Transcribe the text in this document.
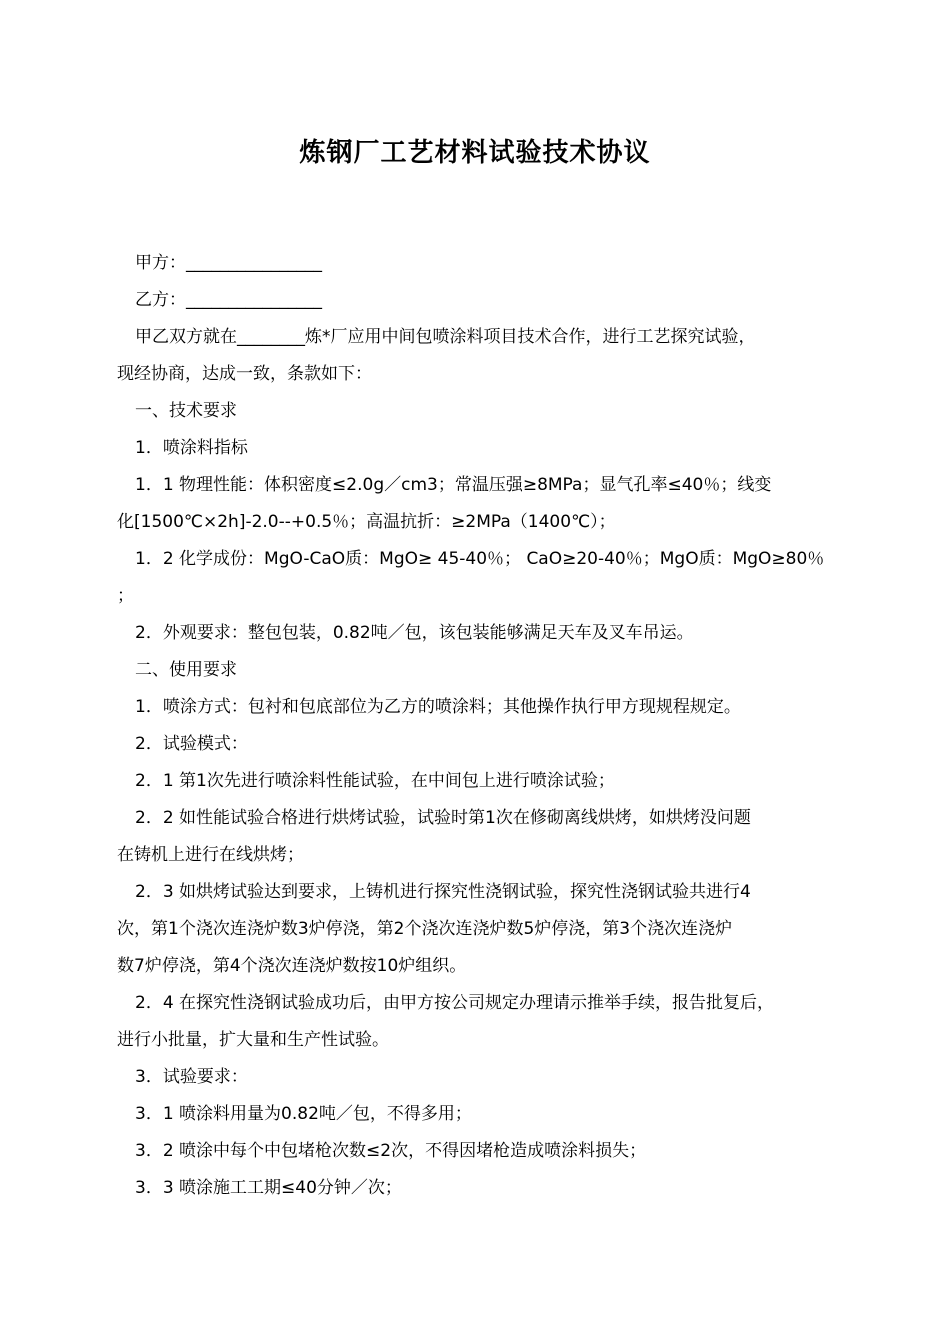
炼钢厂工艺材料试验技术协议
甲方：________________
乙方：________________
甲乙双方就在________炼*厂应用中间包喷涂料项目技术合作，进行工艺探究试验，
现经协商，达成一致，条款如下：
一、技术要求
1．喷涂料指标
1．1 物理性能：体积密度≤2.0g／cm3；常温压强≥8MPa；显气孔率≤40％；线变
化[1500℃×2h]-2.0--+0.5％；高温抗折：≥2MPa（1400℃）；
1．2 化学成份：MgO-CaO质：MgO≥ 45-40％； CaO≥20-40％；MgO质：MgO≥80％
；
2．外观要求：整包包装，0.82吨／包，该包装能够满足天车及叉车吊运。
二、使用要求
1．喷涂方式：包衬和包底部位为乙方的喷涂料；其他操作执行甲方现规程规定。
2．试验模式：
2．1 第1次先进行喷涂料性能试验，在中间包上进行喷涂试验；
2．2 如性能试验合格进行烘烤试验，试验时第1次在修砌离线烘烤，如烘烤没问题
在铸机上进行在线烘烤；
2．3 如烘烤试验达到要求，上铸机进行探究性浇钢试验，探究性浇钢试验共进行4
次，第1个浇次连浇炉数3炉停浇，第2个浇次连浇炉数5炉停浇，第3个浇次连浇炉
数7炉停浇，第4个浇次连浇炉数按10炉组织。
2．4 在探究性浇钢试验成功后，由甲方按公司规定办理请示推举手续，报告批复后，
进行小批量，扩大量和生产性试验。
3．试验要求：
3．1 喷涂料用量为0.82吨／包，不得多用；
3．2 喷涂中每个中包堵枪次数≤2次，不得因堵枪造成喷涂料损失；
3．3 喷涂施工工期≤40分钟／次；
